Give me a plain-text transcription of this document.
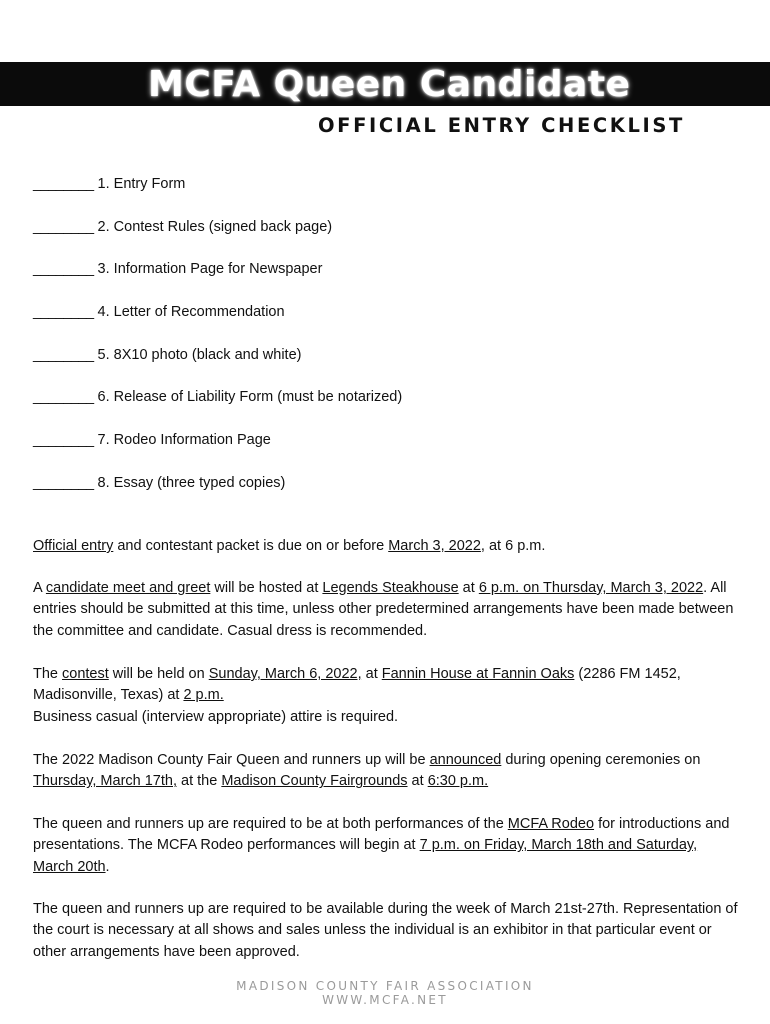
MCFA Queen Candidate
OFFICIAL ENTRY CHECKLIST
________ 1. Entry Form
________ 2. Contest Rules (signed back page)
________ 3. Information Page for Newspaper
________ 4. Letter of Recommendation
________ 5. 8X10 photo (black and white)
________ 6. Release of Liability Form (must be notarized)
________ 7. Rodeo Information Page
________ 8. Essay (three typed copies)

Official entry and contestant packet is due on or before March 3, 2022, at 6 p.m.

A candidate meet and greet will be hosted at Legends Steakhouse at 6 p.m. on Thursday, March 3, 2022. All entries should be submitted at this time, unless other predetermined arrangements have been made between the committee and candidate. Casual dress is recommended.

The contest will be held on Sunday, March 6, 2022, at Fannin House at Fannin Oaks (2286 FM 1452, Madisonville, Texas) at 2 p.m.
Business casual (interview appropriate) attire is required.

The 2022 Madison County Fair Queen and runners up will be announced during opening ceremonies on Thursday, March 17th, at the Madison County Fairgrounds at 6:30 p.m.

The queen and runners up are required to be at both performances of the MCFA Rodeo for introductions and presentations. The MCFA Rodeo performances will begin at 7 p.m. on Friday, March 18th and Saturday, March 20th.

The queen and runners up are required to be available during the week of March 21st-27th. Representation of the court is necessary at all shows and sales unless the individual is an exhibitor in that particular event or other arrangements have been approved.

MADISON COUNTY FAIR ASSOCIATION
WWW.MCFA.NET
